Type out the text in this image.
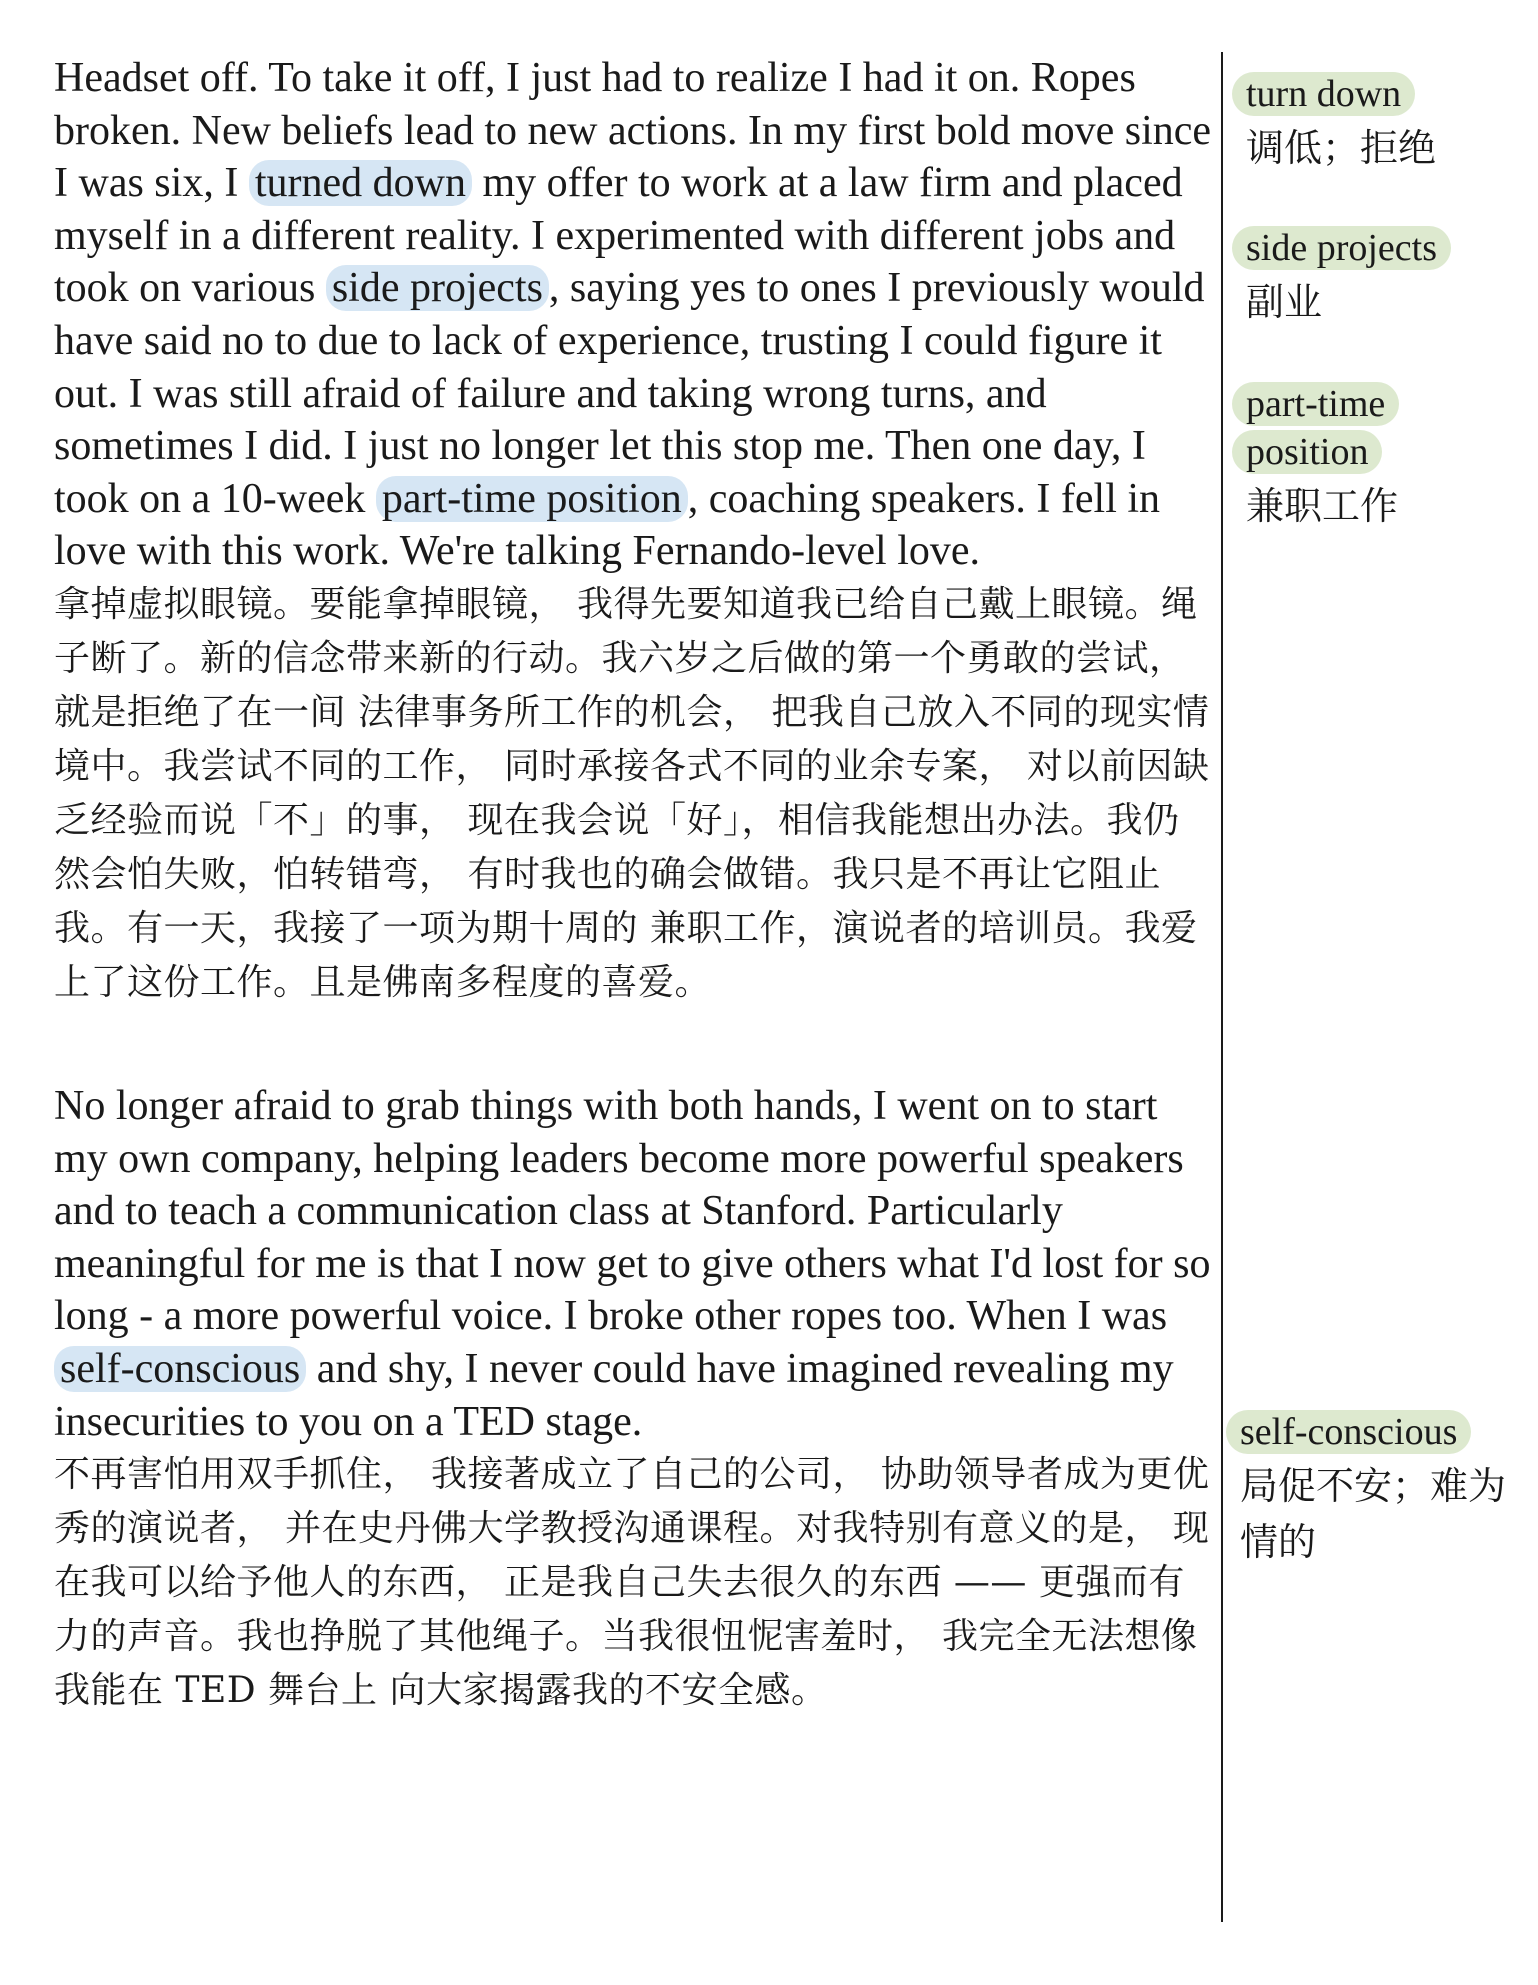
Headset off. To take it off, I just had to realize I had it on. Ropes broken. New beliefs lead to new actions. In my first bold move since I was six, I turned down my offer to work at a law firm and placed myself in a different reality. I experimented with different jobs and took on various side projects , saying yes to ones I previously would have said no to due to lack of experience, trusting I could figure it out. I was still afraid of failure and taking wrong turns, and sometimes I did. I just no longer let this stop me. Then one day, I took on a 10-week part-time position , coaching speakers. I fell in love with this work. We're talking Fernando-level love.

拿掉虚拟眼镜。要能拿掉眼镜， 我得先要知道我已给自己戴上眼镜。绳子断了。新的信念带来新的行动。我六岁之后做的第一个勇敢的尝试， 就是拒绝了在一间 法律事务所工作的机会， 把我自己放入不同的现实情境中。我尝试不同的工作， 同时承接各式不同的业余专案， 对以前因缺乏经验而说「不」的事， 现在我会说「好」，相信我能想出办法。我仍然会怕失败，怕转错弯， 有时我也的确会做错。我只是不再让它阻止我。有一天，我接了一项为期十周的 兼职工作，演说者的培训员。我爱上了这份工作。且是佛南多程度的喜爱。

No longer afraid to grab things with both hands, I went on to start my own company, helping leaders become more powerful speakers and to teach a communication class at Stanford. Particularly meaningful for me is that I now get to give others what I'd lost for so long - a more powerful voice. I broke other ropes too. When I was self-conscious and shy, I never could have imagined revealing my insecurities to you on a TED stage.

不再害怕用双手抓住， 我接著成立了自己的公司， 协助领导者成为更优秀的演说者， 并在史丹佛大学教授沟通课程。对我特别有意义的是， 现在我可以给予他人的东西， 正是我自己失去很久的东西 —— 更强而有力的声音。我也挣脱了其他绳子。当我很忸怩害羞时， 我完全无法想像我能在 TED 舞台上 向大家揭露我的不安全感。

turn down
调低；拒绝
side projects
副业
part-time
position
兼职工作
self-conscious
局促不安；难为情的
